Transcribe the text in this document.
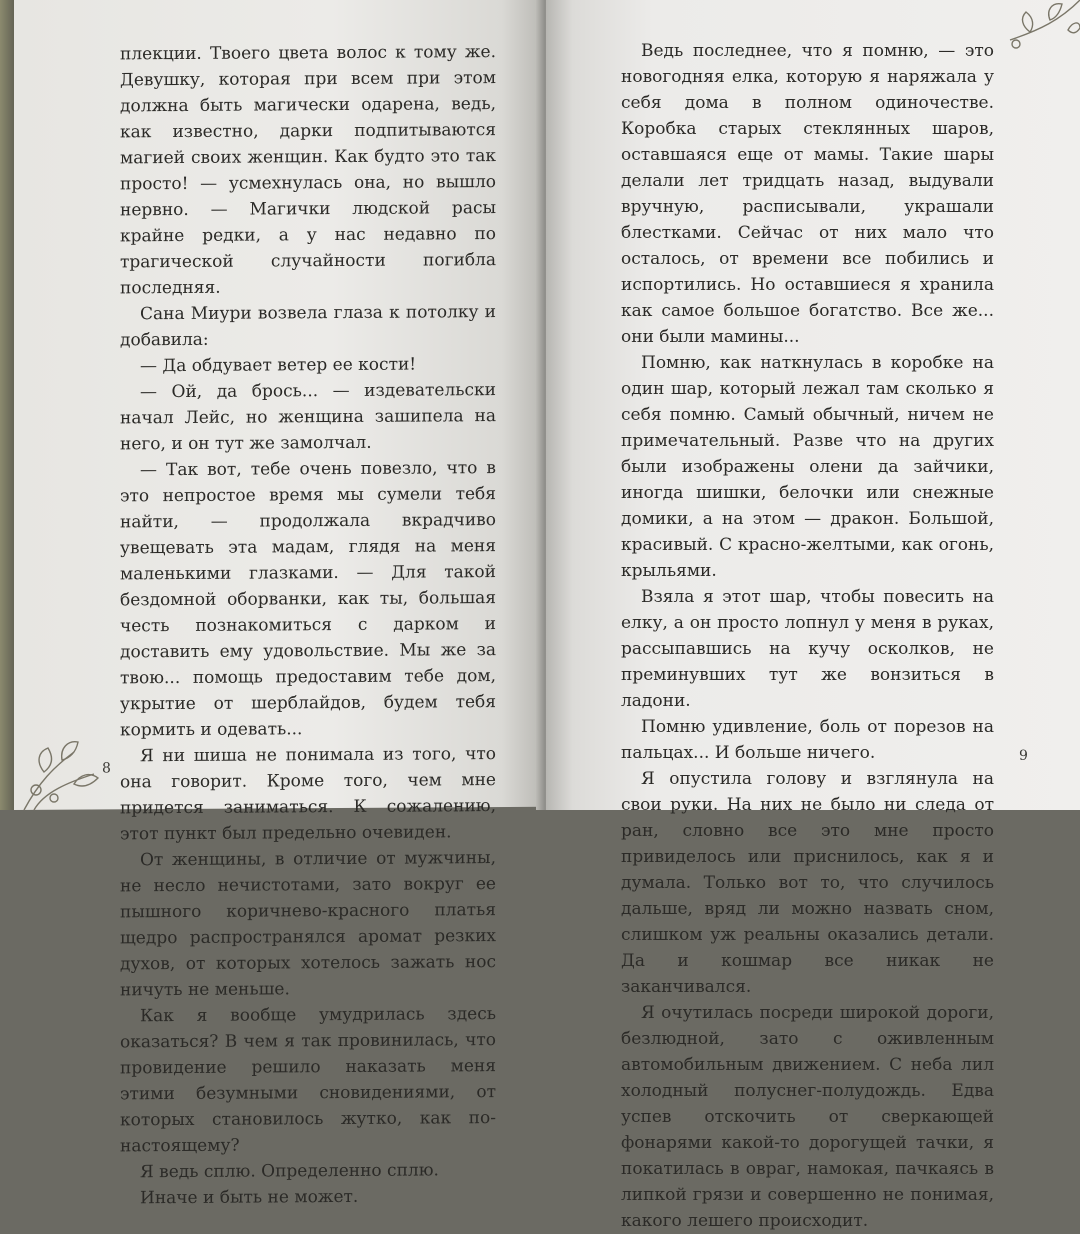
плекции. Твоего цвета волос к тому же. Девушку, которая при всем при этом должна быть магически одарена, ведь, как известно, дарки подпитываются магией своих женщин. Как будто это так просто! — усмехнулась она, но вышло нервно. — Магички людской расы крайне редки, а у нас недавно по трагической случайности погибла последняя.

Сана Миури возвела глаза к потолку и добавила:

— Да обдувает ветер ее кости!

— Ой, да брось... — издевательски начал Лейс, но женщина зашипела на него, и он тут же замолчал.

— Так вот, тебе очень повезло, что в это непростое время мы сумели тебя найти, — продолжала вкрадчиво увещевать эта мадам, глядя на меня маленькими глазками. — Для такой бездомной оборванки, как ты, большая честь познакомиться с дарком и доставить ему удовольствие. Мы же за твою... помощь предоставим тебе дом, укрытие от шерблайдов, будем тебя кормить и одевать...

Я ни шиша не понимала из того, что она говорит. Кроме того, чем мне придется заниматься. К сожалению, этот пункт был предельно очевиден.

От женщины, в отличие от мужчины, не несло нечистотами, зато вокруг ее пышного коричнево-красного платья щедро распространялся аромат резких духов, от которых хотелось зажать нос ничуть не меньше.

Как я вообще умудрилась здесь оказаться? В чем я так провинилась, что провидение решило наказать меня этими безумными сновидениями, от которых становилось жутко, как по-настоящему?

Я ведь сплю. Определенно сплю.

Иначе и быть не может.

8

Ведь последнее, что я помню, — это новогодняя елка, которую я наряжала у себя дома в полном одиночестве. Коробка старых стеклянных шаров, оставшаяся еще от мамы. Такие шары делали лет тридцать назад, выдували вручную, расписывали, украшали блестками. Сейчас от них мало что осталось, от времени все побились и испортились. Но оставшиеся я хранила как самое большое богатство. Все же... они были мамины...

Помню, как наткнулась в коробке на один шар, который лежал там сколько я себя помню. Самый обычный, ничем не примечательный. Разве что на других были изображены олени да зайчики, иногда шишки, белочки или снежные домики, а на этом — дракон. Большой, красивый. С красно-желтыми, как огонь, крыльями.

Взяла я этот шар, чтобы повесить на елку, а он просто лопнул у меня в руках, рассыпавшись на кучу осколков, не преминувших тут же вонзиться в ладони.

Помню удивление, боль от порезов на пальцах... И больше ничего.

Я опустила голову и взглянула на свои руки. На них не было ни следа от ран, словно все это мне просто привиделось или приснилось, как я и думала. Только вот то, что случилось дальше, вряд ли можно назвать сном, слишком уж реальны оказались детали. Да и кошмар все никак не заканчивался.

Я очутилась посреди широкой дороги, безлюдной, зато с оживленным автомобильным движением. С неба лил холодный полуснег-полудождь. Едва успев отскочить от сверкающей фонарями какой-то дорогущей тачки, я покатилась в овраг, намокая, пачкаясь в липкой грязи и совершенно не понимая, какого лешего происходит.

9
